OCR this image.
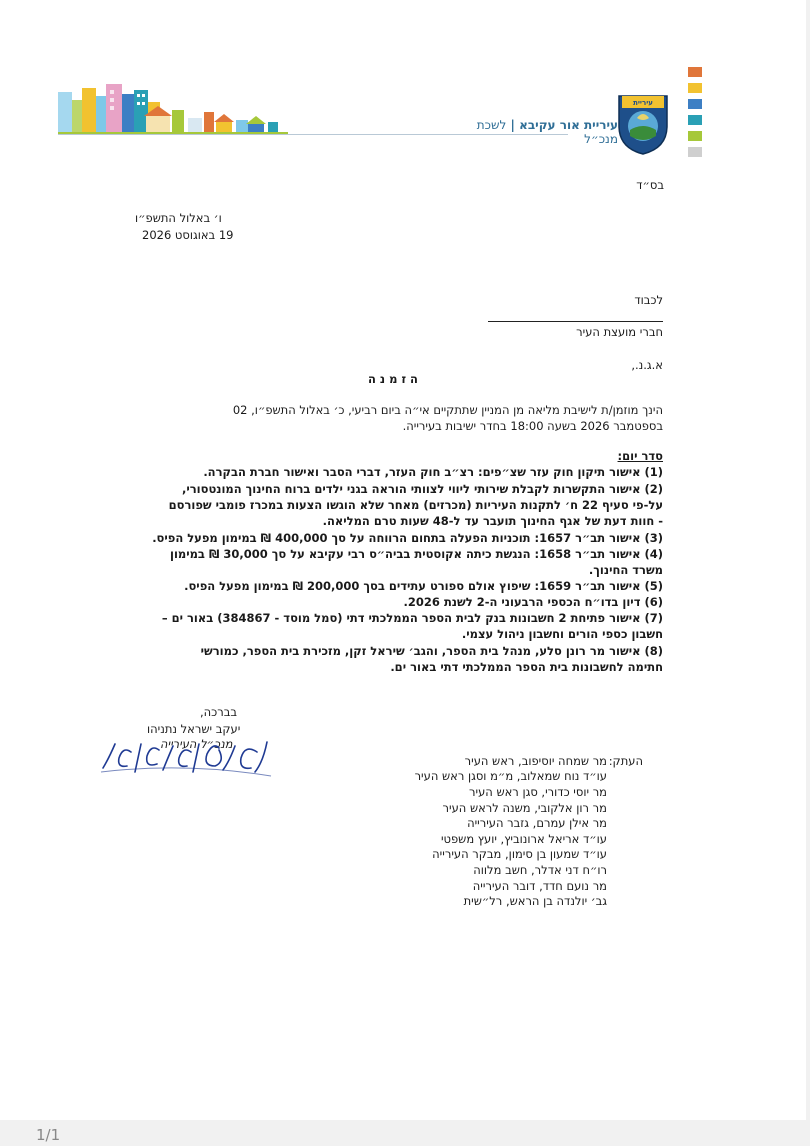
עיריית אור עקיבא | לשכת מנכ״ל
עיריית
בס״ד
ו׳ באלול התשפ״ו
19 באוגוסט 2026
לכבוד
חברי מועצת העיר
א.ג.נ.,
ה ז מ נ ה
הינך מוזמן/ת לישיבת מליאה מן המניין שתתקיים אי״ה ביום רביעי, כ׳ באלול התשפ״ו, 02
בספטמבר 2026 בשעה 18:00 בחדר ישיבות בעירייה.
סדר יום:
(1) אישור תיקון חוק עזר שצ״פים: רצ״ב חוק העזר, דברי הסבר ואישור חברת הבקרה.
(2) אישור התקשרות לקבלת שירותי ליווי לצוותי הוראה בגני ילדים ברוח החינוך המונטסורי,
על-פי סעיף 22 ח׳ לתקנות העיריות (מכרזים) מאחר שלא הוגשו הצעות במכרז פומבי שפורסם
- חוות דעת של אגף החינוך תועבר עד ל-48 שעות טרם המליאה.
(3) אישור תב״ר 1657: תוכניות הפעלה בתחום הרווחה על סך 400,000 ₪ במימון מפעל הפיס.
(4) אישור תב״ר 1658: הנגשת כיתה אקוסטית בביה״ס רבי עקיבא על סך 30,000 ₪ במימון
משרד החינוך.
(5) אישור תב״ר 1659: שיפוץ אולם ספורט עתידים בסך 200,000 ₪ במימון מפעל הפיס.
(6) דיון בדו״ח הכספי הרבעוני ה-2 לשנת 2026.
(7) אישור פתיחת 2 חשבונות בנק לבית הספר הממלכתי דתי (סמל מוסד - 384867) באור ים –
חשבון כספי הורים וחשבון ניהול עצמי.
(8) אישור מר רונן סלע, מנהל בית הספר, והגב׳ שיראל זקן, מזכירת בית הספר, כמורשי
חתימה לחשבונות בית הספר הממלכתי דתי באור ים.
בברכה,
יעקב ישראל נתניהו
מנכ״ל העירייה
העתק:
מר שמחה יוסיפוב, ראש העיר
עו״ד נוח שמאלוב, מ״מ וסגן ראש העיר
מר יוסי כדורי, סגן ראש העיר
מר רון אלקובי, משנה לראש העיר
מר אילן עמרם, גזבר העירייה
עו״ד אריאל ארונוביץ, יועץ משפטי
עו״ד שמעון בן סימון, מבקר העירייה
רו״ח דני אדלר, חשב מלווה
מר נועם חדד, דובר העירייה
גב׳ יולנדה בן הראש, רל״שית
1/1
